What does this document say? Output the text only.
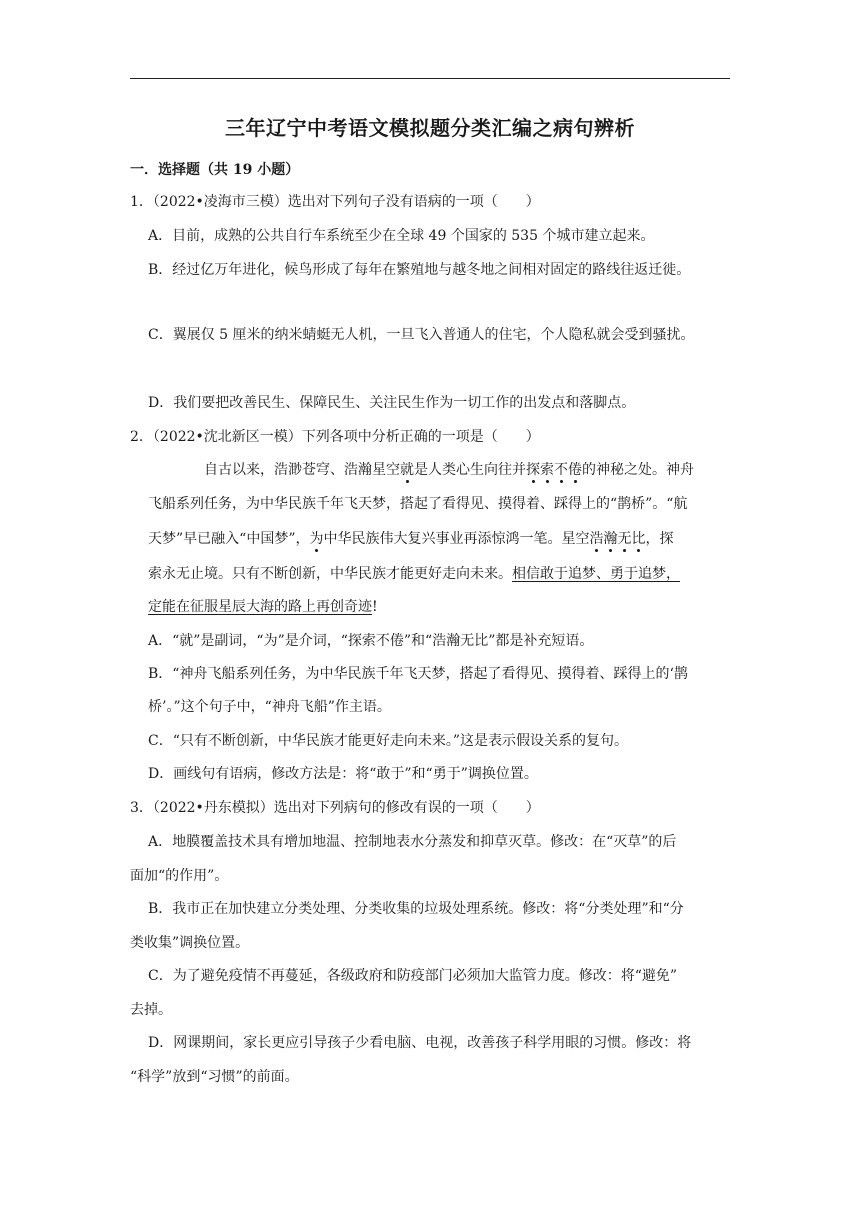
三年辽宁中考语文模拟题分类汇编之病句辨析
一．选择题（共 19 小题）
1．（2022•凌海市三模）选出对下列句子没有语病的一项（　　）
A．目前，成熟的公共自行车系统至少在全球 49 个国家的 535 个城市建立起来。
B．经过亿万年进化，候鸟形成了每年在繁殖地与越冬地之间相对固定的路线往返迁徙。
C．翼展仅 5 厘米的纳米蜻蜓无人机，一旦飞入普通人的住宅，个人隐私就会受到骚扰。
D．我们要把改善民生、保障民生、关注民生作为一切工作的出发点和落脚点。
2．（2022•沈北新区一模）下列各项中分析正确的一项是（　　）
自古以来，浩渺苍穹、浩瀚星空就是人类心生向往并探索不倦的神秘之处。神舟
飞船系列任务，为中华民族千年飞天梦，搭起了看得见、摸得着、踩得上的“鹊桥”。“航
天梦”早已融入“中国梦”，为中华民族伟大复兴事业再添惊鸿一笔。星空浩瀚无比，探
索永无止境。只有不断创新，中华民族才能更好走向未来。相信敢于追梦、勇于追梦，
定能在征服星辰大海的路上再创奇迹!
A．“就”是副词，“为”是介词，“探索不倦”和“浩瀚无比”都是补充短语。
B．“神舟飞船系列任务，为中华民族千年飞天梦，搭起了看得见、摸得着、踩得上的‘鹊
桥’。”这个句子中，“神舟飞船”作主语。
C．“只有不断创新，中华民族才能更好走向未来。”这是表示假设关系的复句。
D．画线句有语病，修改方法是：将“敢于”和“勇于”调换位置。
3．（2022•丹东模拟）选出对下列病句的修改有误的一项（　　）
A．地膜覆盖技术具有增加地温、控制地表水分蒸发和抑草灭草。修改：在“灭草”的后
面加“的作用”。
B．我市正在加快建立分类处理、分类收集的垃圾处理系统。修改：将“分类处理”和“分
类收集”调换位置。
C．为了避免疫情不再蔓延，各级政府和防疫部门必须加大监管力度。修改：将“避免”
去掉。
D．网课期间，家长更应引导孩子少看电脑、电视，改善孩子科学用眼的习惯。修改：将
“科学”放到“习惯”的前面。
